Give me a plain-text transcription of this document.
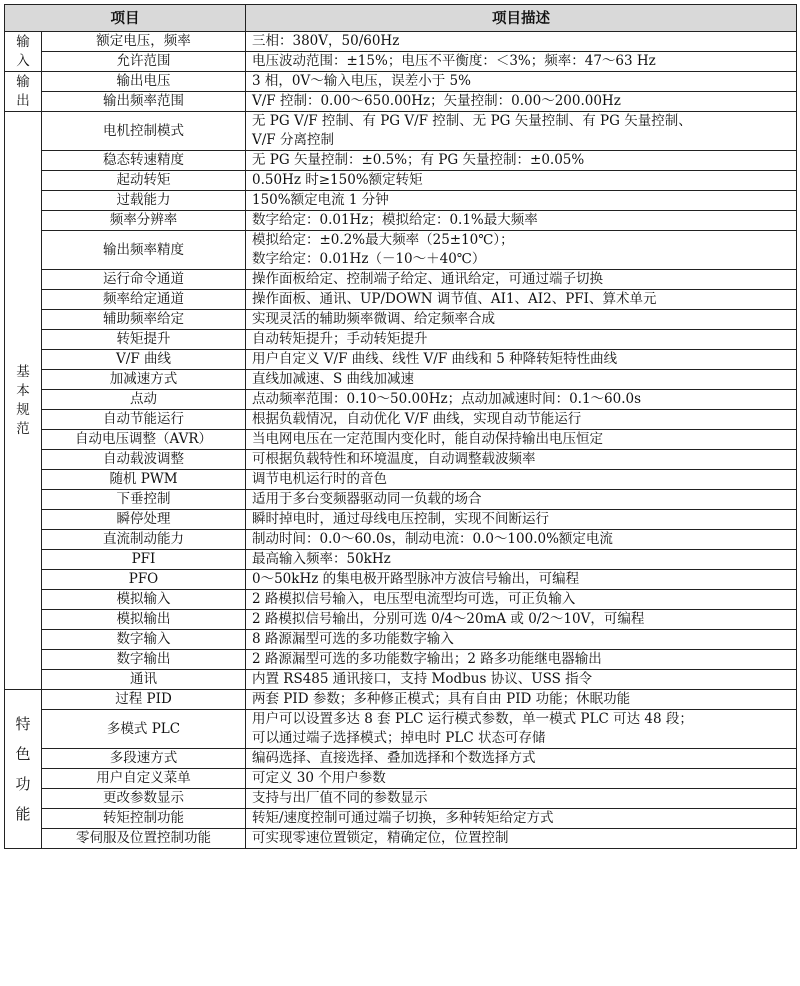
项目		项目描述
输入	额定电压，频率	三相：380V，50/60Hz

	允许范围	电压波动范围：±15%；电压不平衡度：＜3%；频率：47～63 Hz

输出	输出电压	3 相，0V～输入电压，误差小于 5%

	输出频率范围	V/F 控制：0.00～650.00Hz；矢量控制：0.00～200.00Hz

基本规范	电机控制模式	无 PG V/F 控制、有 PG V/F 控制、无 PG 矢量控制、有 PG 矢量控制、
V/F 分离控制

	稳态转速精度	无 PG 矢量控制：±0.5%；有 PG 矢量控制：±0.05%

	起动转矩	0.50Hz 时≥150%额定转矩

	过载能力	150%额定电流 1 分钟

	频率分辨率	数字给定：0.01Hz；模拟给定：0.1%最大频率

	输出频率精度	模拟给定：±0.2%最大频率（25±10℃）；
数字给定：0.01Hz（－10～＋40℃）

	运行命令通道	操作面板给定、控制端子给定、通讯给定，可通过端子切换

	频率给定通道	操作面板、通讯、UP/DOWN 调节值、AI1、AI2、PFI、算术单元

	辅助频率给定	实现灵活的辅助频率微调、给定频率合成

	转矩提升	自动转矩提升；手动转矩提升

	V/F 曲线	用户自定义 V/F 曲线、线性 V/F 曲线和 5 种降转矩特性曲线

	加减速方式	直线加减速、S 曲线加减速

	点动	点动频率范围：0.10～50.00Hz；点动加减速时间：0.1～60.0s

	自动节能运行	根据负载情况，自动优化 V/F 曲线，实现自动节能运行

	自动电压调整（AVR）	当电网电压在一定范围内变化时，能自动保持输出电压恒定

	自动载波调整	可根据负载特性和环境温度，自动调整载波频率

	随机 PWM	调节电机运行时的音色

	下垂控制	适用于多台变频器驱动同一负载的场合

	瞬停处理	瞬时掉电时，通过母线电压控制，实现不间断运行

	直流制动能力	制动时间：0.0～60.0s，制动电流：0.0～100.0%额定电流

	PFI	最高输入频率：50kHz

	PFO	0～50kHz 的集电极开路型脉冲方波信号输出，可编程

	模拟输入	2 路模拟信号输入，电压型电流型均可选，可正负输入

	模拟输出	2 路模拟信号输出，分别可选 0/4～20mA 或 0/2～10V，可编程

	数字输入	8 路源漏型可选的多功能数字输入

	数字输出	2 路源漏型可选的多功能数字输出；2 路多功能继电器输出

	通讯	内置 RS485 通讯接口，支持 Modbus 协议、USS 指令

特
色
功
能	过程 PID	两套 PID 参数；多种修正模式；具有自由 PID 功能；休眠功能

	多模式 PLC	用户可以设置多达 8 套 PLC 运行模式参数，单一模式 PLC 可达 48 段；
可以通过端子选择模式；掉电时 PLC 状态可存储

	多段速方式	编码选择、直接选择、叠加选择和个数选择方式

	用户自定义菜单	可定义 30 个用户参数

	更改参数显示	支持与出厂值不同的参数显示

	转矩控制功能	转矩/速度控制可通过端子切换，多种转矩给定方式

	零伺服及位置控制功能	可实现零速位置锁定，精确定位，位置控制
